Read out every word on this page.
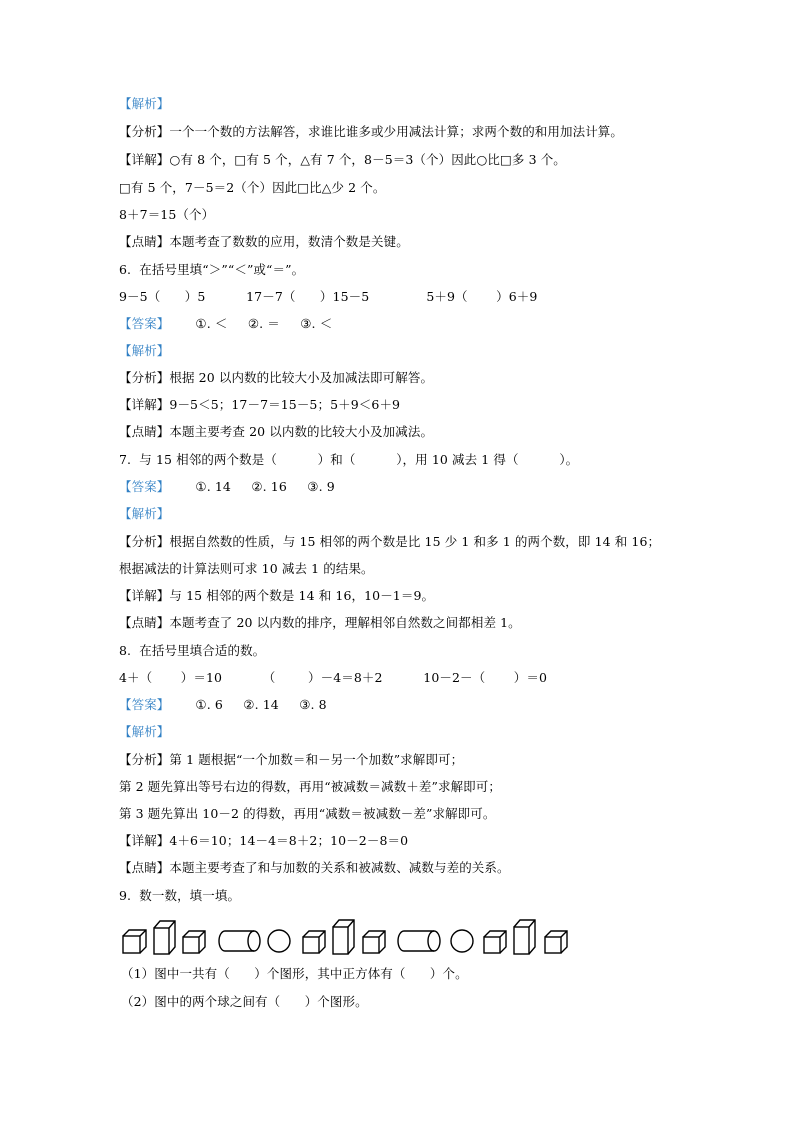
【解析】
【分析】一个一个数的方法解答，求谁比谁多或少用减法计算；求两个数的和用加法计算。
【详解】○有 8 个，□有 5 个，△有 7 个，8－5＝3（个）因此○比□多 3 个。
□有 5 个，7－5＝2（个）因此□比△少 2 个。
8＋7＝15（个）
【点睛】本题考查了数数的应用，数清个数是关键。
6.  在括号里填“＞”“＜”或“＝”。
9－5（      ）5          17－7（      ）15－5              5＋9（       ）6＋9
【答案】 ①. ＜     ②. ＝     ③. ＜
【解析】
【分析】根据 20 以内数的比较大小及加减法即可解答。
【详解】9－5＜5；17－7＝15－5；5＋9＜6＋9
【点睛】本题主要考查 20 以内数的比较大小及加减法。
7.  与 15 相邻的两个数是（          ）和（          ），用 10 减去 1 得（          ）。
【答案】 ①. 14     ②. 16     ③. 9
【解析】
【分析】根据自然数的性质，与 15 相邻的两个数是比 15 少 1 和多 1 的两个数，即 14 和 16；
根据减法的计算法则可求 10 减去 1 的结果。
【详解】与 15 相邻的两个数是 14 和 16，10－1＝9。
【点睛】本题考查了 20 以内数的排序，理解相邻自然数之间都相差 1。
8.  在括号里填合适的数。
4＋（       ）＝10          （        ）－4＝8＋2          10－2－（       ）＝0
【答案】 ①. 6     ②. 14     ③. 8
【解析】
【分析】第 1 题根据“一个加数＝和－另一个加数”求解即可；
第 2 题先算出等号右边的得数，再用“被减数＝减数＋差”求解即可；
第 3 题先算出 10－2 的得数，再用“减数＝被减数－差”求解即可。
【详解】4＋6＝10；14－4＝8＋2；10－2－8＝0
【点睛】本题主要考查了和与加数的关系和被减数、减数与差的关系。
9.  数一数，填一填。
（1）图中一共有（      ）个图形，其中正方体有（      ）个。
（2）图中的两个球之间有（      ）个图形。
